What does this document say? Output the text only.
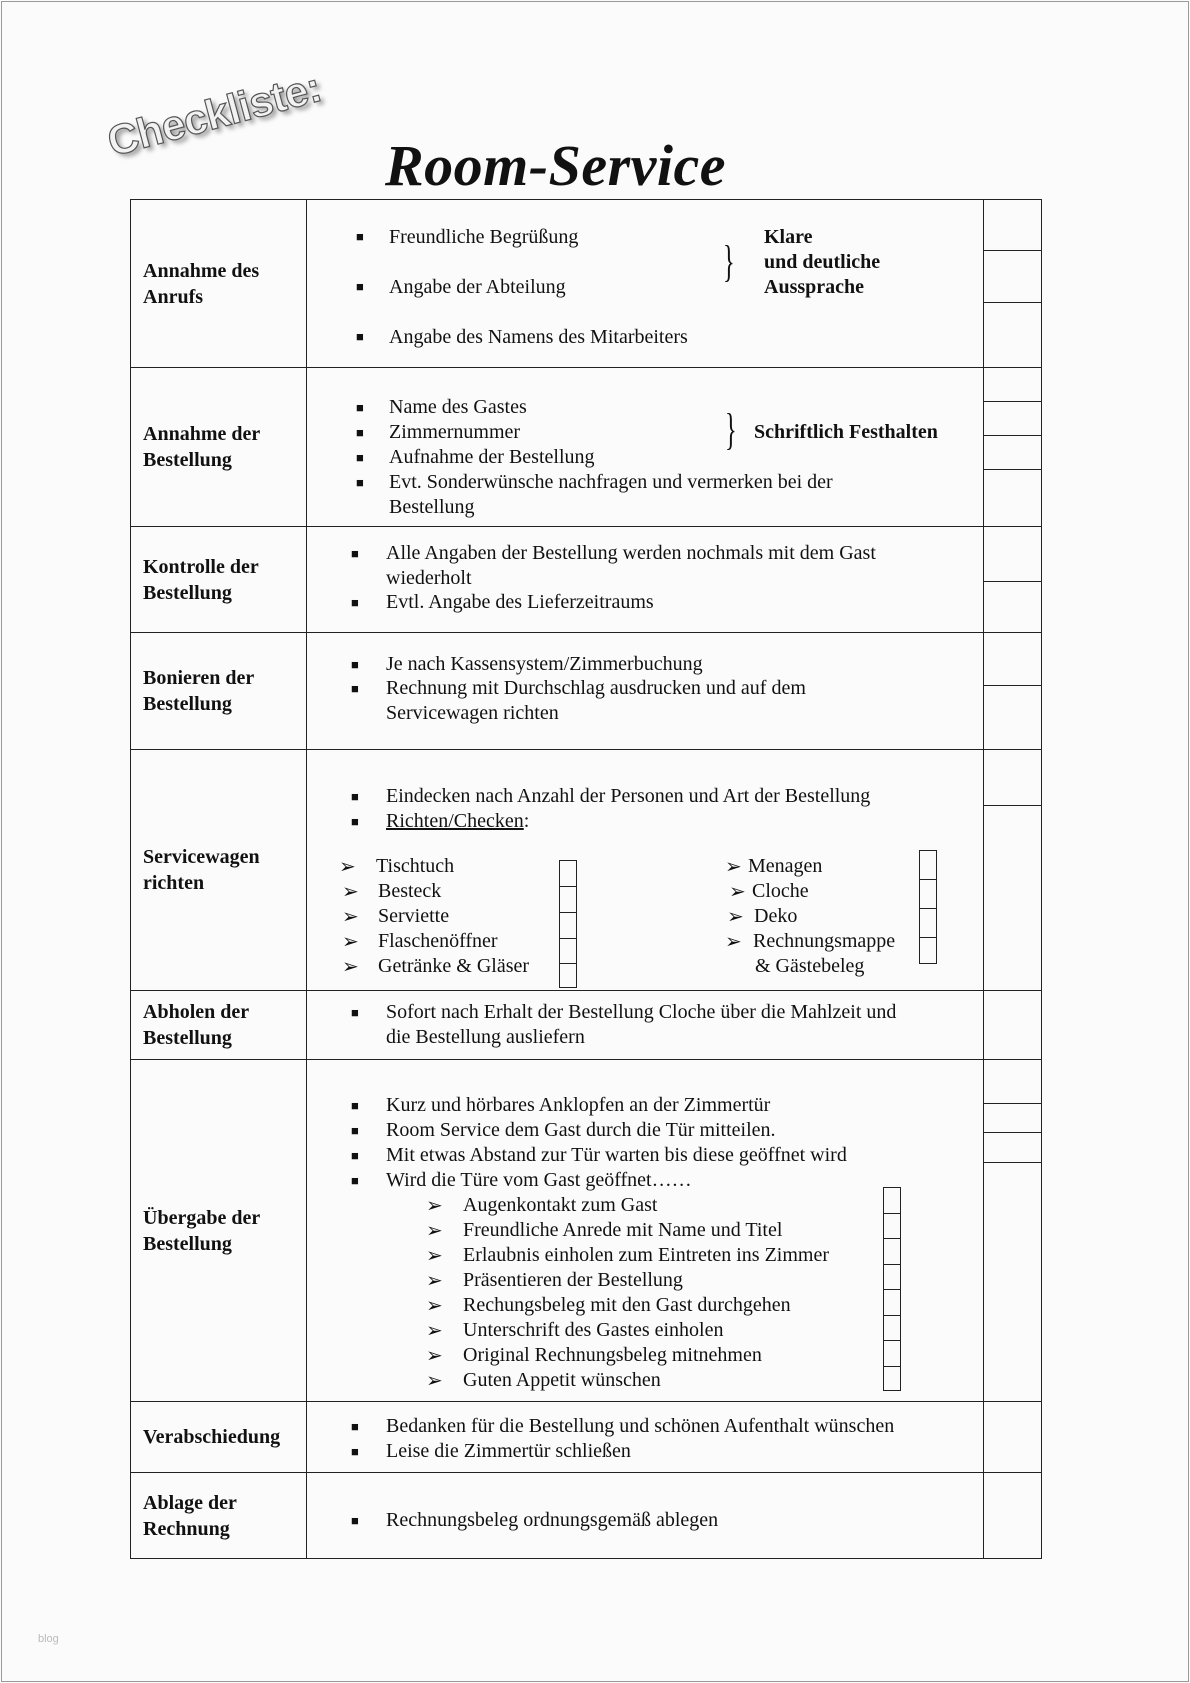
Checkliste:
Room-Service
Annahme des
Anrufs
■ Freundliche Begrüßung
■ Angabe der Abteilung
■ Angabe des Namens des Mitarbeiters
} Klare
und deutliche
Aussprache
Annahme der
Bestellung
■ Name des Gastes
■ Zimmernummer
■ Aufnahme der Bestellung
■ Evt. Sonderwünsche nachfragen und vermerken bei der
Bestellung
} Schriftlich Festhalten
Kontrolle der
Bestellung
■ Alle Angaben der Bestellung werden nochmals mit dem Gast
wiederholt
■ Evtl. Angabe des Lieferzeitraums
Bonieren der
Bestellung
■ Je nach Kassensystem/Zimmerbuchung
■ Rechnung mit Durchschlag ausdrucken und auf dem
Servicewagen richten
Servicewagen
richten
■ Eindecken nach Anzahl der Personen und Art der Bestellung
■ Richten/Checken:
➢ Tischtuch
➢ Besteck
➢ Serviette
➢ Flaschenöffner
➢ Getränke & Gläser
➢ Menagen
➢ Cloche
➢ Deko
➢ Rechnungsmappe
& Gästebeleg
Abholen der
Bestellung
■ Sofort nach Erhalt der Bestellung Cloche über die Mahlzeit und
die Bestellung ausliefern
Übergabe der
Bestellung
■ Kurz und hörbares Anklopfen an der Zimmertür
■ Room Service dem Gast durch die Tür mitteilen.
■ Mit etwas Abstand zur Tür warten bis diese geöffnet wird
■ Wird die Türe vom Gast geöffnet……
➢ Augenkontakt zum Gast
➢ Freundliche Anrede mit Name und Titel
➢ Erlaubnis einholen zum Eintreten ins Zimmer
➢ Präsentieren der Bestellung
➢ Rechungsbeleg mit den Gast durchgehen
➢ Unterschrift des Gastes einholen
➢ Original Rechnungsbeleg mitnehmen
➢ Guten Appetit wünschen
Verabschiedung	■ Bedanken für die Bestellung und schönen Aufenthalt wünschen
■ Leise die Zimmertür schließen
Ablage der
Rechnung	■ Rechnungsbeleg ordnungsgemäß ablegen
blog
